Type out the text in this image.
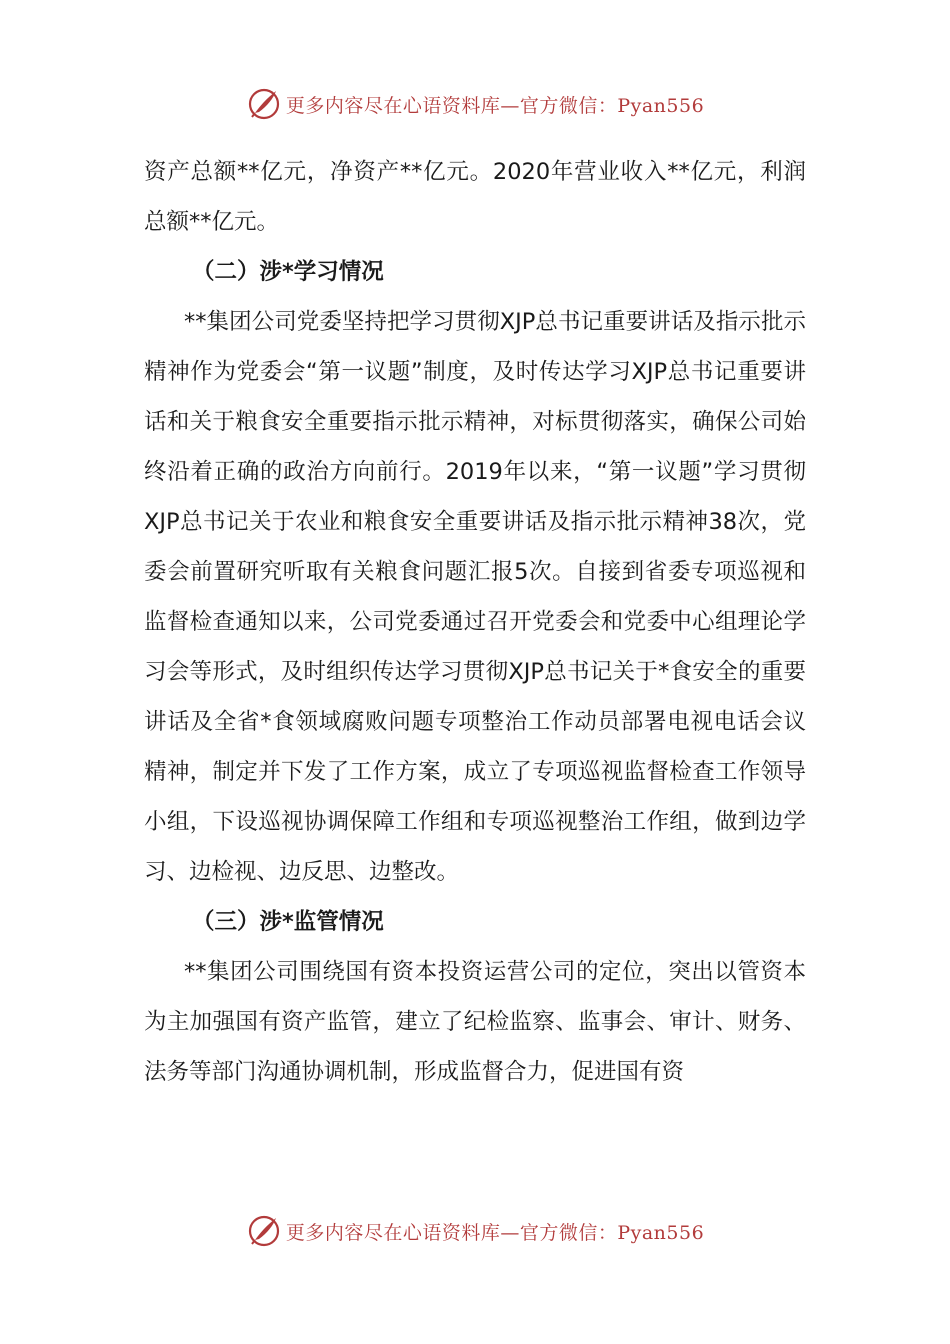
更多内容尽在心语资料库—官方微信：Pyan556

资产总额**亿元，净资产**亿元。2020年营业收入**亿元，利润总额**亿元。

（二）涉*学习情况

**集团公司党委坚持把学习贯彻XJP总书记重要讲话及指示批示精神作为党委会“第一议题”制度，及时传达学习XJP总书记重要讲话和关于粮食安全重要指示批示精神，对标贯彻落实，确保公司始终沿着正确的政治方向前行。2019年以来，“第一议题”学习贯彻XJP总书记关于农业和粮食安全重要讲话及指示批示精神38次，党委会前置研究听取有关粮食问题汇报5次。自接到省委专项巡视和监督检查通知以来，公司党委通过召开党委会和党委中心组理论学习会等形式，及时组织传达学习贯彻XJP总书记关于*食安全的重要讲话及全省*食领域腐败问题专项整治工作动员部署电视电话会议精神，制定并下发了工作方案，成立了专项巡视监督检查工作领导小组，下设巡视协调保障工作组和专项巡视整治工作组，做到边学习、边检视、边反思、边整改。

（三）涉*监管情况

**集团公司围绕国有资本投资运营公司的定位，突出以管资本为主加强国有资产监管，建立了纪检监察、监事会、审计、财务、法务等部门沟通协调机制，形成监督合力，促进国有资

更多内容尽在心语资料库—官方微信：Pyan556
